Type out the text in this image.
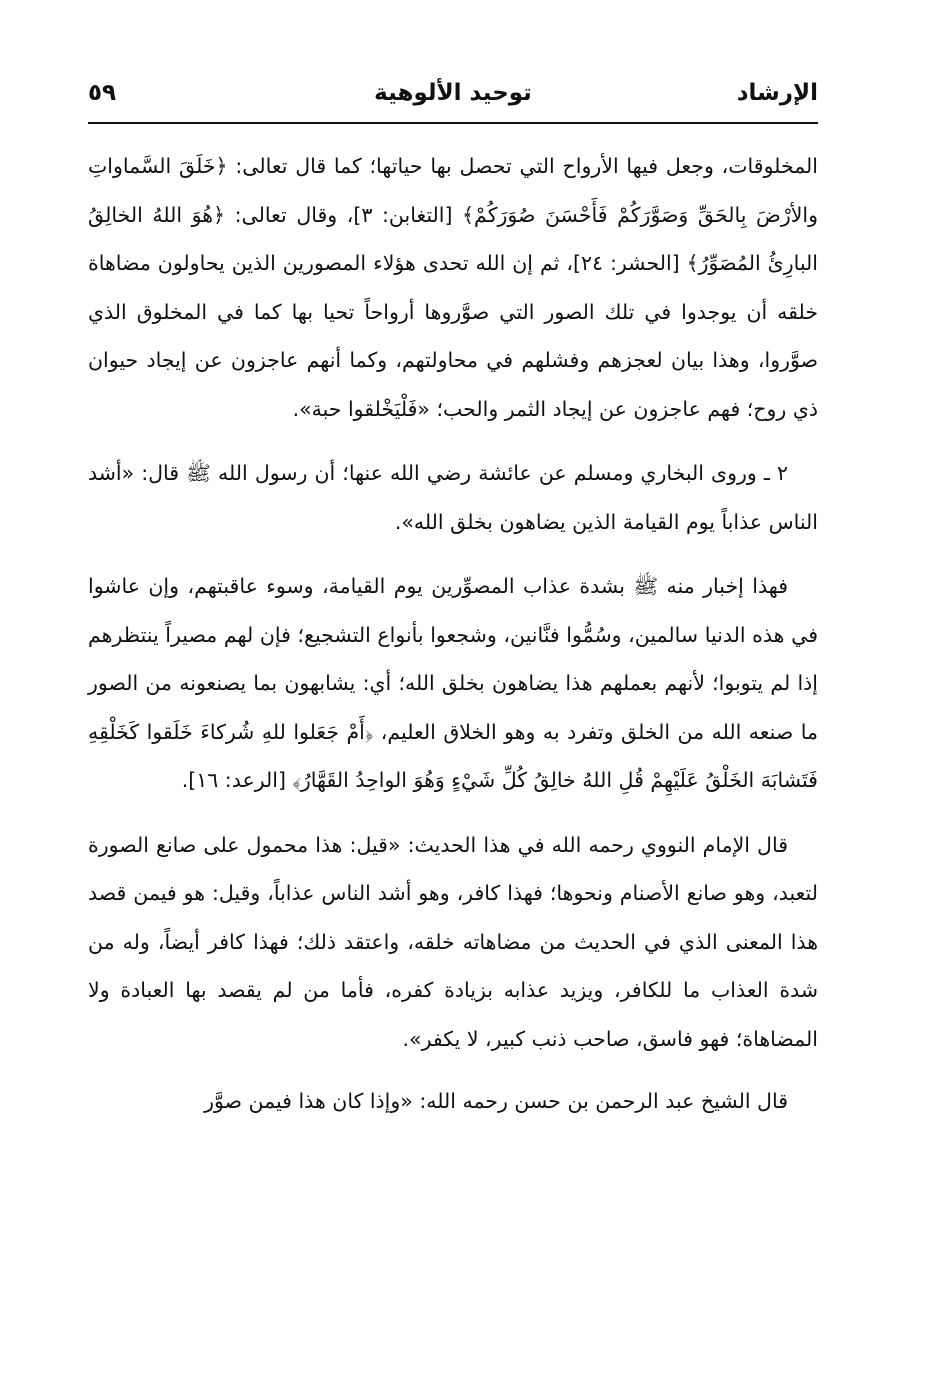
الإرشاد
توحيد الألوهية
٥٩

المخلوقات، وجعل فيها الأرواح التي تحصل بها حياتها؛ كما قال تعالى: ﴿خَلَقَ السَّماواتِ والأرْضَ بِالحَقِّ وَصَوَّرَكُمْ فَأَحْسَنَ صُوَرَكُمْ﴾ [التغابن: ٣]، وقال تعالى: ﴿هُوَ اللهُ الخالِقُ البارِئُ المُصَوِّرُ﴾ [الحشر: ٢٤]، ثم إن الله تحدى هؤلاء المصورين الذين يحاولون مضاهاة خلقه أن يوجدوا في تلك الصور التي صوَّروها أرواحاً تحيا بها كما في المخلوق الذي صوَّروا، وهذا بيان لعجزهم وفشلهم في محاولتهم، وكما أنهم عاجزون عن إيجاد حيوان ذي روح؛ فهم عاجزون عن إيجاد الثمر والحب؛ «فَلْيَخْلقوا حبة».

٢ ـ وروى البخاري ومسلم عن عائشة رضي الله عنها؛ أن رسول الله ﷺ قال: «أشد الناس عذاباً يوم القيامة الذين يضاهون بخلق الله».

فهذا إخبار منه ﷺ بشدة عذاب المصوِّرين يوم القيامة، وسوء عاقبتهم، وإن عاشوا في هذه الدنيا سالمين، وسُمُّوا فنَّانين، وشجعوا بأنواع التشجيع؛ فإن لهم مصيراً ينتظرهم إذا لم يتوبوا؛ لأنهم بعملهم هذا يضاهون بخلق الله؛ أي: يشابهون بما يصنعونه من الصور ما صنعه الله من الخلق وتفرد به وهو الخلاق العليم، ﴿أَمْ جَعَلوا للهِ شُركاءَ خَلَقوا كَخَلْقِهِ فَتَشابَهَ الخَلْقُ عَلَيْهِمْ قُلِ اللهُ خالِقُ كُلِّ شَيْءٍ وَهُوَ الواحِدُ القَهَّارُ﴾ [الرعد: ١٦].

قال الإمام النووي رحمه الله في هذا الحديث: «قيل: هذا محمول على صانع الصورة لتعبد، وهو صانع الأصنام ونحوها؛ فهذا كافر، وهو أشد الناس عذاباً، وقيل: هو فيمن قصد هذا المعنى الذي في الحديث من مضاهاته خلقه، واعتقد ذلك؛ فهذا كافر أيضاً، وله من شدة العذاب ما للكافر، ويزيد عذابه بزيادة كفره، فأما من لم يقصد بها العبادة ولا المضاهاة؛ فهو فاسق، صاحب ذنب كبير، لا يكفر».

قال الشيخ عبد الرحمن بن حسن رحمه الله: «وإذا كان هذا فيمن صوَّر
